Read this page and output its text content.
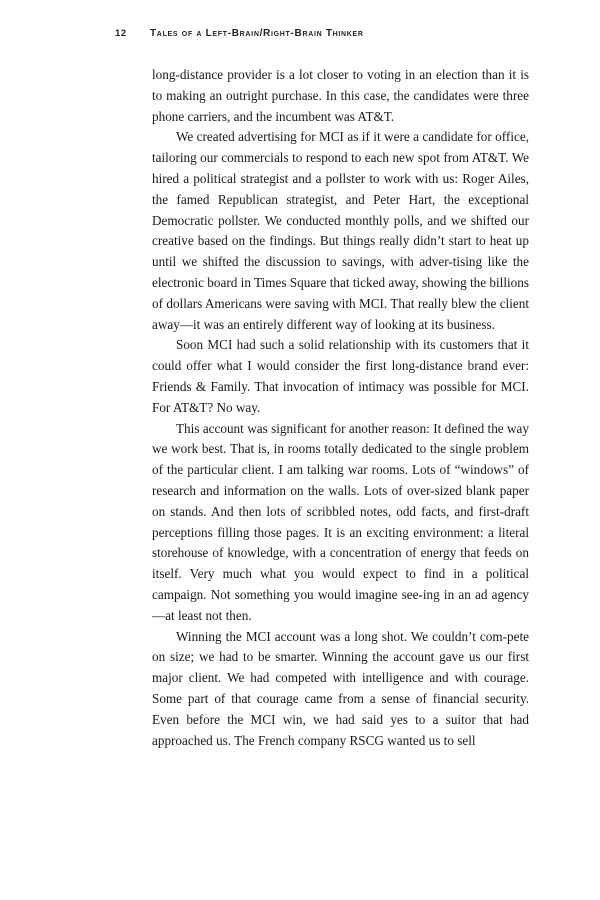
12	Tales of a Left-Brain/Right-Brain Thinker

long-distance provider is a lot closer to voting in an election than it is to making an outright purchase. In this case, the candidates were three phone carriers, and the incumbent was AT&T.

We created advertising for MCI as if it were a candidate for office, tailoring our commercials to respond to each new spot from AT&T. We hired a political strategist and a pollster to work with us: Roger Ailes, the famed Republican strategist, and Peter Hart, the exceptional Democratic pollster. We conducted monthly polls, and we shifted our creative based on the findings. But things really didn’t start to heat up until we shifted the discussion to savings, with adver-tising like the electronic board in Times Square that ticked away, showing the billions of dollars Americans were saving with MCI. That really blew the client away—it was an entirely different way of looking at its business.

Soon MCI had such a solid relationship with its customers that it could offer what I would consider the first long-distance brand ever: Friends & Family. That invocation of intimacy was possible for MCI. For AT&T? No way.

This account was significant for another reason: It defined the way we work best. That is, in rooms totally dedicated to the single problem of the particular client. I am talking war rooms. Lots of “windows” of research and information on the walls. Lots of over-sized blank paper on stands. And then lots of scribbled notes, odd facts, and first-draft perceptions filling those pages. It is an exciting environment: a literal storehouse of knowledge, with a concentration of energy that feeds on itself. Very much what you would expect to find in a political campaign. Not something you would imagine see-ing in an ad agency—at least not then.

Winning the MCI account was a long shot. We couldn’t com-pete on size; we had to be smarter. Winning the account gave us our first major client. We had competed with intelligence and with courage. Some part of that courage came from a sense of financial security. Even before the MCI win, we had said yes to a suitor that had approached us. The French company RSCG wanted us to sell
